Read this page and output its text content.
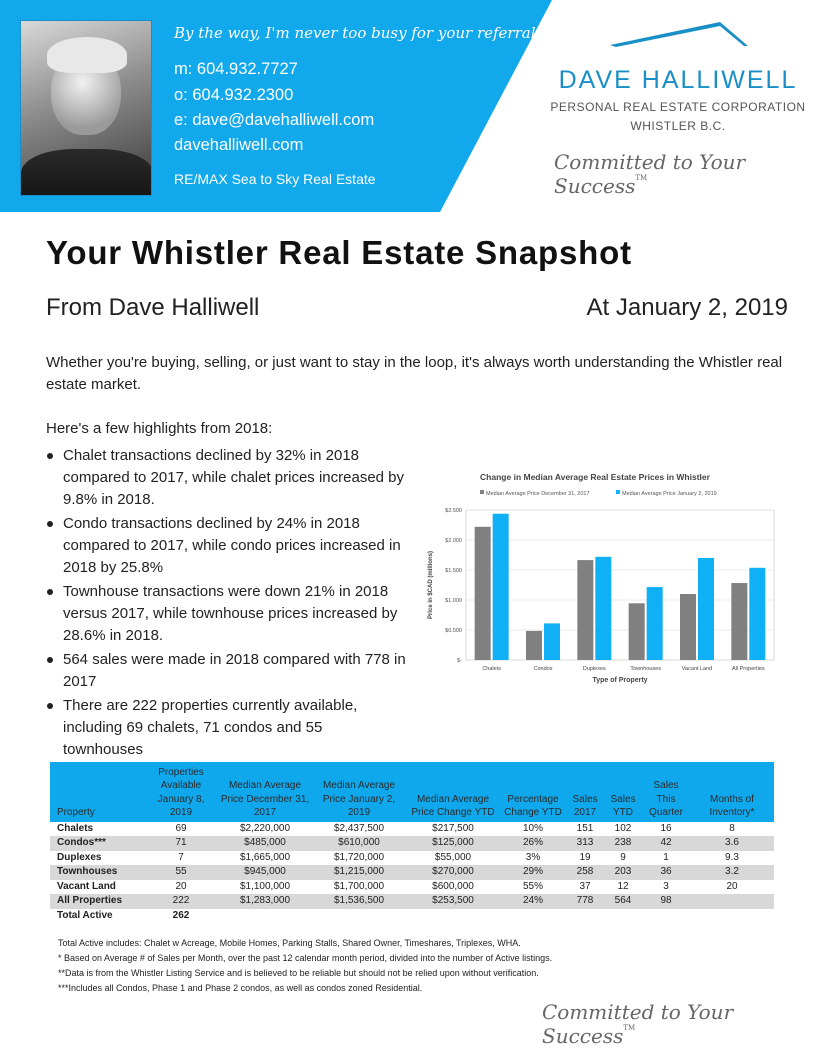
By the way, I'm never too busy for your referrals!
m: 604.932.7727
o: 604.932.2300
e: dave@davehalliwell.com
davehalliwell.com
RE/MAX Sea to Sky Real Estate
DAVE HALLIWELL
PERSONAL REAL ESTATE CORPORATION
WHISTLER B.C.
Committed to Your Success™
Your Whistler Real Estate Snapshot
From Dave Halliwell	At January 2, 2019

Whether you're buying, selling, or just want to stay in the loop, it's always worth understanding the Whistler real estate market.

Here's a few highlights from 2018:
Chalet transactions declined by 32% in 2018 compared to 2017, while chalet prices increased by 9.8% in 2018.
Condo transactions declined by 24% in 2018 compared to 2017, while condo prices increased in 2018 by 25.8%
Townhouse transactions were down 21% in 2018 versus 2017, while townhouse prices increased by 28.6% in 2018.
564 sales were made in 2018 compared with 778 in 2017
There are 222 properties currently available, including 69 chalets, 71 condos and 55 townhouses
Change in Median Average Real Estate Prices in Whistler
Median Average Price December 31, 2017	Median Average Price January 2, 2019
$-
$0.500
$1.000
$1.500
$2.000
$2.500
Chalets	Condos	Duplexes	Townhouses	Vacant Land	All Properties
Type of Property
Price in $CAD (millions)
Property	Properties Available January 8, 2019	Median Average Price December 31, 2017	Median Average Price January 2, 2019	Median Average Price Change YTD	Percentage Change YTD	Sales 2017	Sales YTD	Sales This Quarter	Months of Inventory*
Chalets	69	$2,220,000	$2,437,500	$217,500	10%	151	102	16	8
Condos***	71	$485,000	$610,000	$125,000	26%	313	238	42	3.6
Duplexes	7	$1,665,000	$1,720,000	$55,000	3%	19	9	1	9.3
Townhouses	55	$945,000	$1,215,000	$270,000	29%	258	203	36	3.2
Vacant Land	20	$1,100,000	$1,700,000	$600,000	55%	37	12	3	20
All Properties	222	$1,283,000	$1,536,500	$253,500	24%	778	564	98	
Total Active	262								
Total Active includes: Chalet w Acreage, Mobile Homes, Parking Stalls, Shared Owner, Timeshares, Triplexes, WHA.
* Based on Average # of Sales per Month, over the past 12 calendar month period, divided into the number of Active listings.
**Data is from the Whistler Listing Service and is believed to be reliable but should not be relied upon without verification.
***Includes all Condos, Phase 1 and Phase 2 condos, as well as condos zoned Residential.
Committed to Your Success™
